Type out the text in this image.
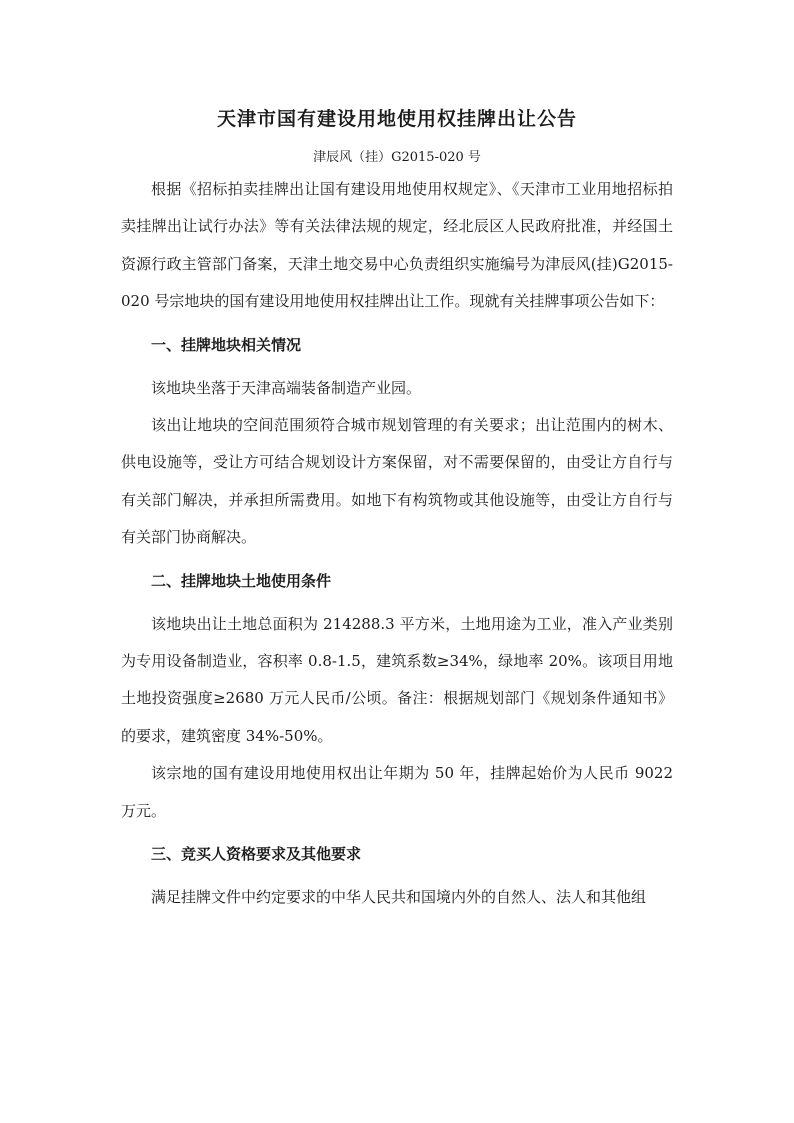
天津市国有建设用地使用权挂牌出让公告
津辰风（挂）G2015-020 号

根据《招标拍卖挂牌出让国有建设用地使用权规定》、《天津市工业用地招标拍卖挂牌出让试行办法》等有关法律法规的规定，经北辰区人民政府批准，并经国土资源行政主管部门备案，天津土地交易中心负责组织实施编号为津辰风(挂)G2015-020 号宗地块的国有建设用地使用权挂牌出让工作。现就有关挂牌事项公告如下：

一、挂牌地块相关情况

该地块坐落于天津高端装备制造产业园。

该出让地块的空间范围须符合城市规划管理的有关要求；出让范围内的树木、供电设施等，受让方可结合规划设计方案保留，对不需要保留的，由受让方自行与有关部门解决，并承担所需费用。如地下有构筑物或其他设施等，由受让方自行与有关部门协商解决。

二、挂牌地块土地使用条件

该地块出让土地总面积为 214288.3 平方米，土地用途为工业，准入产业类别为专用设备制造业，容积率 0.8-1.5，建筑系数≥34%，绿地率 20%。该项目用地土地投资强度≥2680 万元人民币/公顷。备注：根据规划部门《规划条件通知书》的要求，建筑密度 34%-50%。

该宗地的国有建设用地使用权出让年期为 50 年，挂牌起始价为人民币 9022 万元。

三、竞买人资格要求及其他要求

满足挂牌文件中约定要求的中华人民共和国境内外的自然人、法人和其他组
